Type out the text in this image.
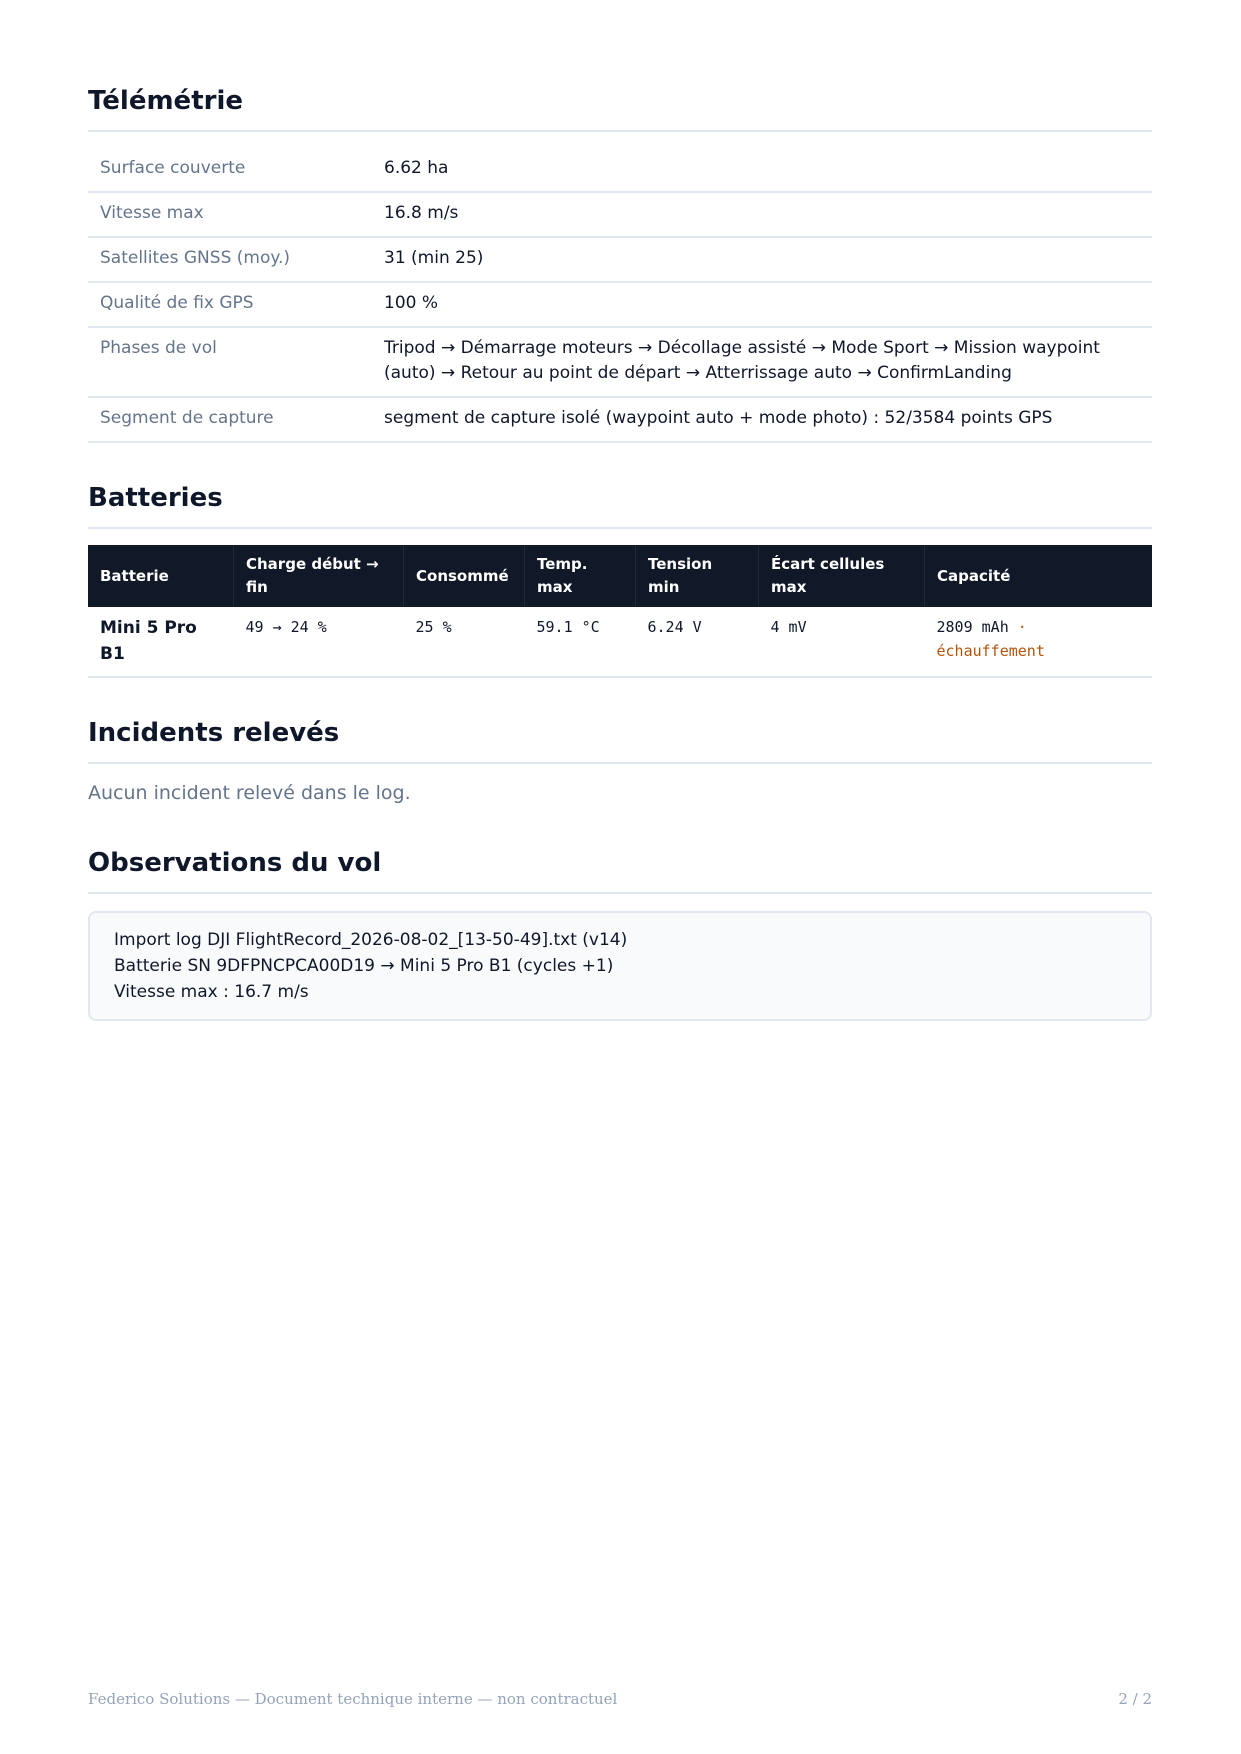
Télémétrie
Surface couverte	6.62 ha
Vitesse max	16.8 m/s
Satellites GNSS (moy.)	31 (min 25)
Qualité de fix GPS	100 %
Phases de vol	Tripod → Démarrage moteurs → Décollage assisté → Mode Sport → Mission waypoint (auto) → Retour au point de départ → Atterrissage auto → ConfirmLanding
Segment de capture	segment de capture isolé (waypoint auto + mode photo) : 52/3584 points GPS
Batteries
Batterie	Charge début → fin	Consommé	Temp. max	Tension min	Écart cellules max	Capacité
Mini 5 Pro B1	49 → 24 %	25 %	59.1 °C	6.24 V	4 mV	2809 mAh ·
échauffement
Incidents relevés
Aucun incident relevé dans le log.
Observations du vol
Import log DJI FlightRecord_2026-08-02_[13-50-49].txt (v14)
Batterie SN 9DFPNCPCA00D19 → Mini 5 Pro B1 (cycles +1)
Vitesse max : 16.7 m/s
Federico Solutions — Document technique interne — non contractuel	2 / 2
